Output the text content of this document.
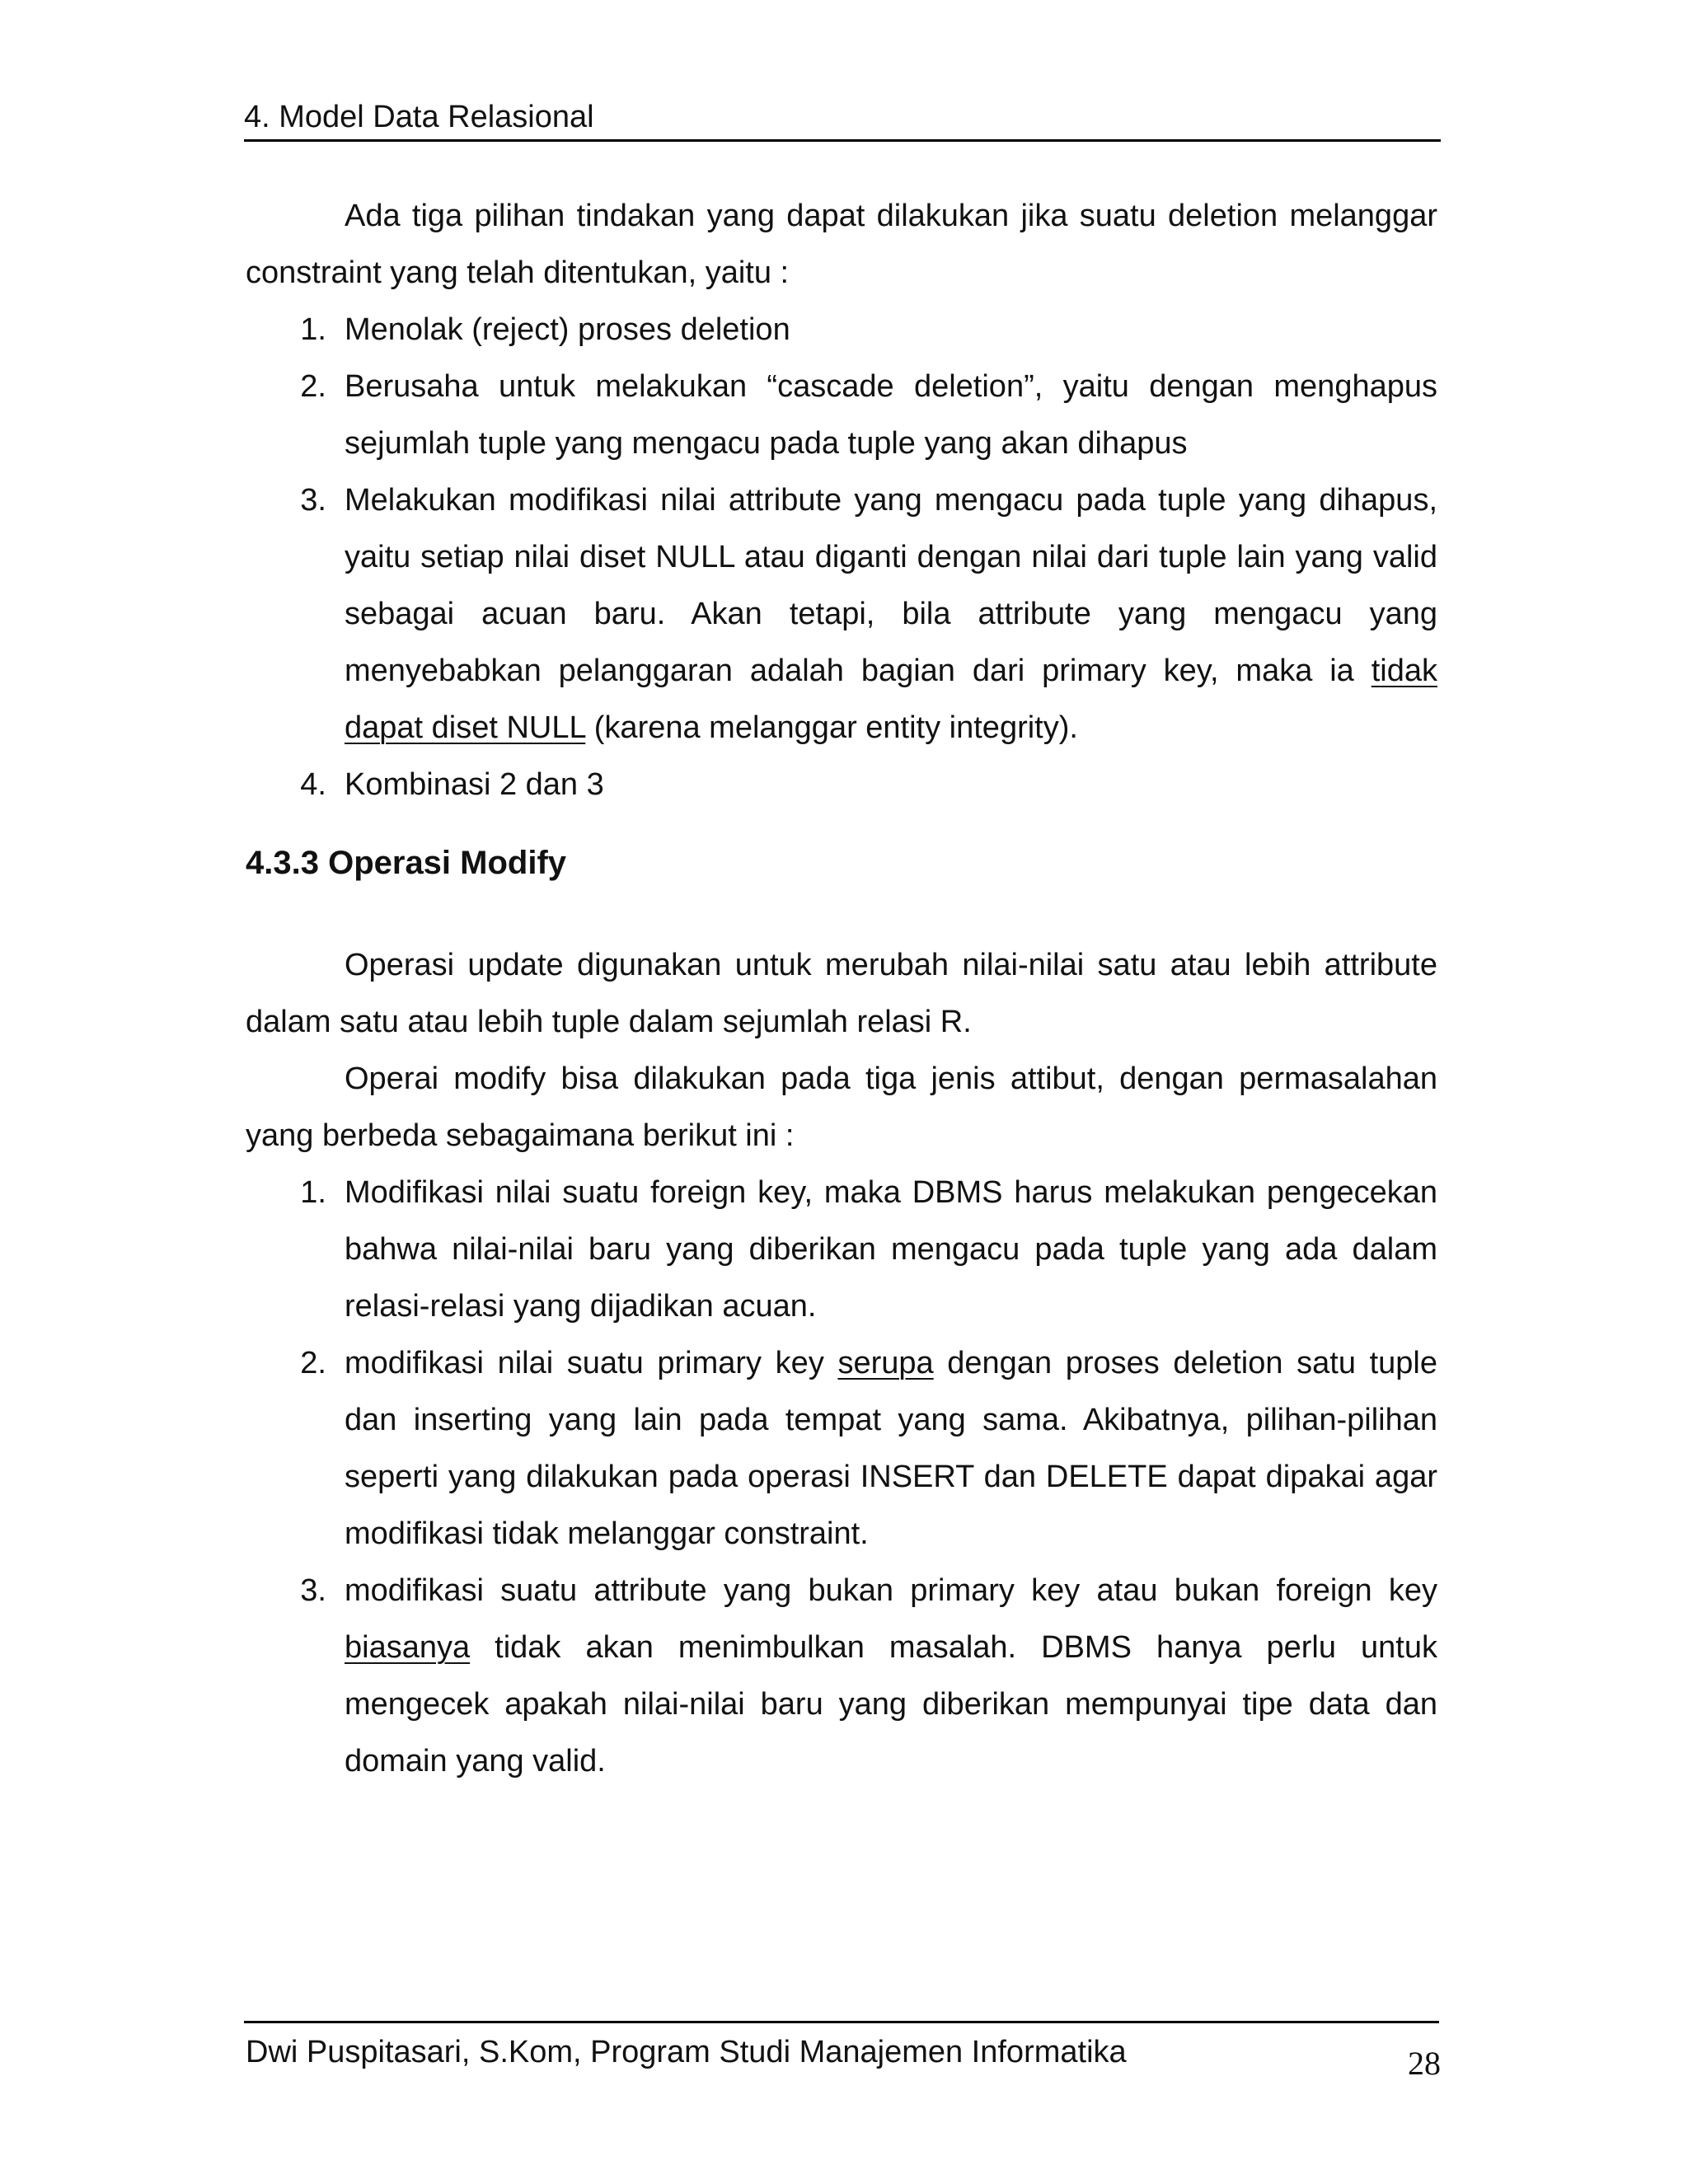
4. Model Data Relasional

Ada tiga pilihan tindakan yang dapat dilakukan jika suatu deletion melanggar constraint yang telah ditentukan, yaitu :

1. Menolak (reject) proses deletion
2. Berusaha untuk melakukan “cascade deletion”, yaitu dengan menghapus sejumlah tuple yang mengacu pada tuple yang akan dihapus
3. Melakukan modifikasi nilai attribute yang mengacu pada tuple yang dihapus, yaitu setiap nilai diset NULL atau diganti dengan nilai dari tuple lain yang valid sebagai acuan baru. Akan tetapi, bila attribute yang mengacu yang menyebabkan pelanggaran adalah bagian dari primary key, maka ia tidak dapat diset NULL (karena melanggar entity integrity).
4. Kombinasi 2 dan 3
4.3.3 Operasi Modify

Operasi update digunakan untuk merubah nilai-nilai satu atau lebih attribute dalam satu atau lebih tuple dalam sejumlah relasi R.

Operai modify bisa dilakukan pada tiga jenis attibut, dengan permasalahan yang berbeda sebagaimana berikut ini :

1. Modifikasi nilai suatu foreign key, maka DBMS harus melakukan pengecekan bahwa nilai-nilai baru yang diberikan mengacu pada tuple yang ada dalam relasi-relasi yang dijadikan acuan.
2. modifikasi nilai suatu primary key serupa dengan proses deletion satu tuple dan inserting yang lain pada tempat yang sama. Akibatnya, pilihan-pilihan seperti yang dilakukan pada operasi INSERT dan DELETE dapat dipakai agar modifikasi tidak melanggar constraint.
3. modifikasi suatu attribute yang bukan primary key atau bukan foreign key biasanya tidak akan menimbulkan masalah. DBMS hanya perlu untuk mengecek apakah nilai-nilai baru yang diberikan mempunyai tipe data dan domain yang valid.
Dwi Puspitasari, S.Kom, Program Studi Manajemen Informatika	28
